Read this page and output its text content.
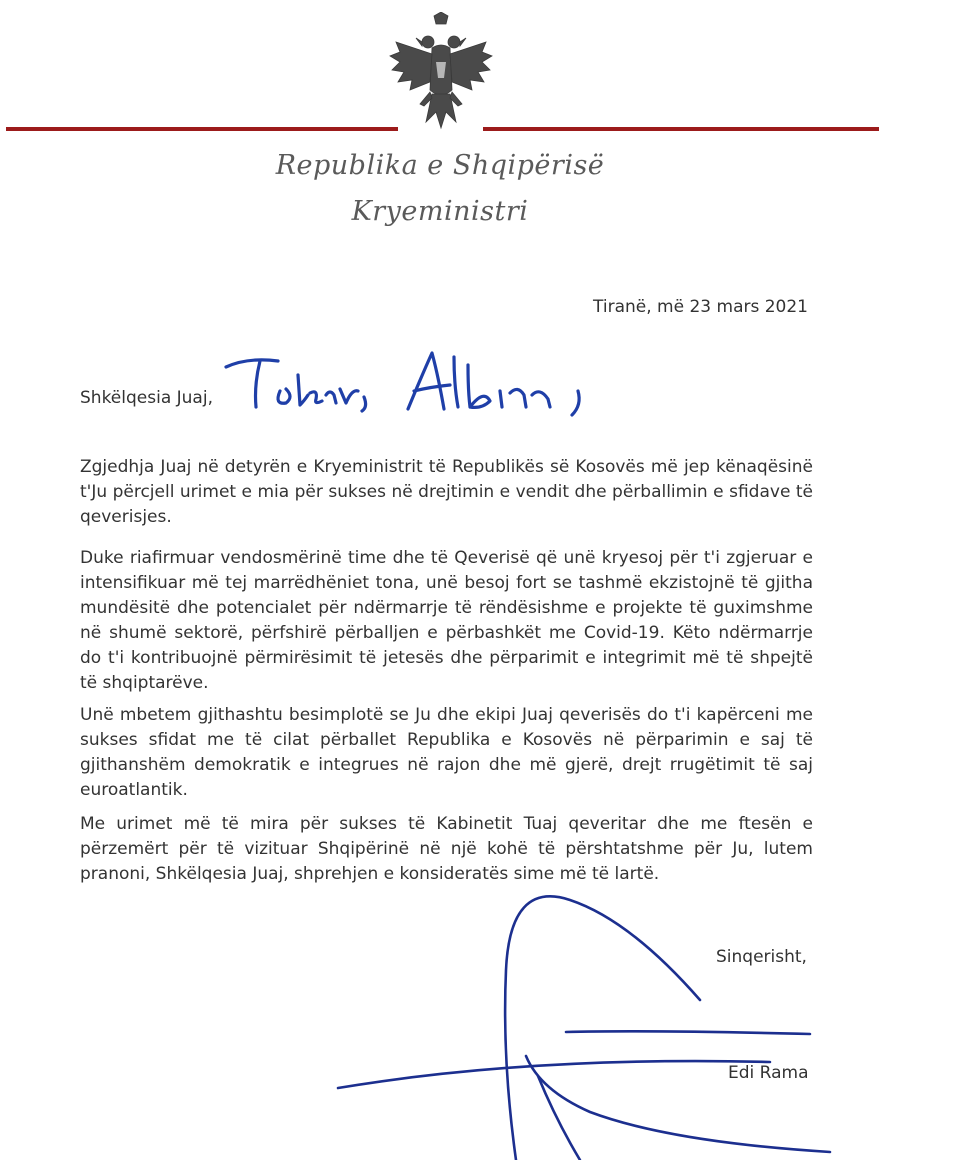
Republika e Shqipërisë
Kryeministri
Tiranë, më 23 mars 2021
Shkëlqesia Juaj,
Zgjedhja Juaj në detyrën e Kryeministrit të Republikës së Kosovës më jep kënaqësinë t'Ju përcjell urimet e mia për sukses në drejtimin e vendit dhe përballimin e sfidave të qeverisjes.
Duke riafirmuar vendosmërinë time dhe të Qeverisë që unë kryesoj për t'i zgjeruar e intensifikuar më tej marrëdhëniet tona, unë besoj fort se tashmë ekzistojnë të gjitha mundësitë dhe potencialet për ndërmarrje të rëndësishme e projekte të guximshme në shumë sektorë, përfshirë përballjen e përbashkët me Covid-19. Këto ndërmarrje do t'i kontribuojnë përmirësimit të jetesës dhe përparimit e integrimit më të shpejtë të shqiptarëve.
Unë mbetem gjithashtu besimplotë se Ju dhe ekipi Juaj qeverisës do t'i kapërceni me sukses sfidat me të cilat përballet Republika e Kosovës në përparimin e saj të gjithanshëm demokratik e integrues në rajon dhe më gjerë, drejt rrugëtimit të saj euroatlantik.
Me urimet më të mira për sukses të Kabinetit Tuaj qeveritar dhe me ftesën e përzemërt për të vizituar Shqipërinë në një kohë të përshtatshme për Ju, lutem pranoni, Shkëlqesia Juaj, shprehjen e konsideratës sime më të lartë.
Sinqerisht,
Edi Rama
